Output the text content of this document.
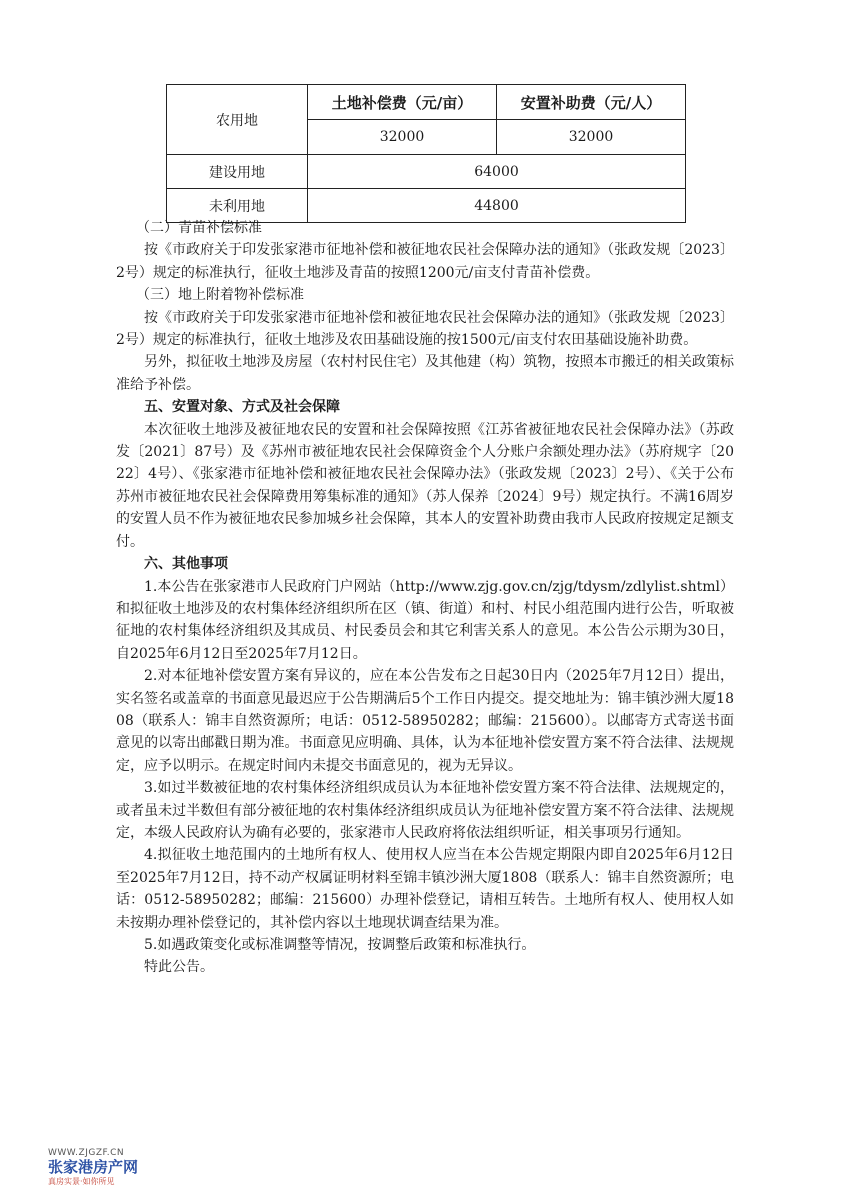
农用地	土地补偿费（元/亩）	安置补助费（元/人）
	32000	32000
建设用地	64000	
未利用地	44800	

（二）青苗补偿标准

按《市政府关于印发张家港市征地补偿和被征地农民社会保障办法的通知》（张政发规〔2023〕2号）规定的标准执行，征收土地涉及青苗的按照1200元/亩支付青苗补偿费。

（三）地上附着物补偿标准

按《市政府关于印发张家港市征地补偿和被征地农民社会保障办法的通知》（张政发规〔2023〕2号）规定的标准执行，征收土地涉及农田基础设施的按1500元/亩支付农田基础设施补助费。

另外，拟征收土地涉及房屋（农村村民住宅）及其他建（构）筑物，按照本市搬迁的相关政策标准给予补偿。

五、安置对象、方式及社会保障

本次征收土地涉及被征地农民的安置和社会保障按照《江苏省被征地农民社会保障办法》（苏政发〔2021〕87号）及《苏州市被征地农民社会保障资金个人分账户余额处理办法》（苏府规字〔2022〕4号）、《张家港市征地补偿和被征地农民社会保障办法》（张政发规〔2023〕2号）、《关于公布苏州市被征地农民社会保障费用筹集标准的通知》（苏人保养〔2024〕9号）规定执行。不满16周岁的安置人员不作为被征地农民参加城乡社会保障，其本人的安置补助费由我市人民政府按规定足额支付。

六、其他事项

1.本公告在张家港市人民政府门户网站（http://www.zjg.gov.cn/zjg/tdysm/zdlylist.shtml）和拟征收土地涉及的农村集体经济组织所在区（镇、街道）和村、村民小组范围内进行公告，听取被征地的农村集体经济组织及其成员、村民委员会和其它利害关系人的意见。本公告公示期为30日，自2025年6月12日至2025年7月12日。

2.对本征地补偿安置方案有异议的，应在本公告发布之日起30日内（2025年7月12日）提出，实名签名或盖章的书面意见最迟应于公告期满后5个工作日内提交。提交地址为：锦丰镇沙洲大厦1808（联系人：锦丰自然资源所；电话：0512-58950282；邮编：215600）。以邮寄方式寄送书面意见的以寄出邮戳日期为准。书面意见应明确、具体，认为本征地补偿安置方案不符合法律、法规规定，应予以明示。在规定时间内未提交书面意见的，视为无异议。

3.如过半数被征地的农村集体经济组织成员认为本征地补偿安置方案不符合法律、法规规定的，或者虽未过半数但有部分被征地的农村集体经济组织成员认为征地补偿安置方案不符合法律、法规规定，本级人民政府认为确有必要的，张家港市人民政府将依法组织听证，相关事项另行通知。

4.拟征收土地范围内的土地所有权人、使用权人应当在本公告规定期限内即自2025年6月12日至2025年7月12日，持不动产权属证明材料至锦丰镇沙洲大厦1808（联系人：锦丰自然资源所；电话：0512-58950282；邮编：215600）办理补偿登记，请相互转告。土地所有权人、使用权人如未按期办理补偿登记的，其补偿内容以土地现状调查结果为准。

5.如遇政策变化或标准调整等情况，按调整后政策和标准执行。

特此公告。

WWW.ZJGZF.CN
张家港房产网
真房实景·如你所见
